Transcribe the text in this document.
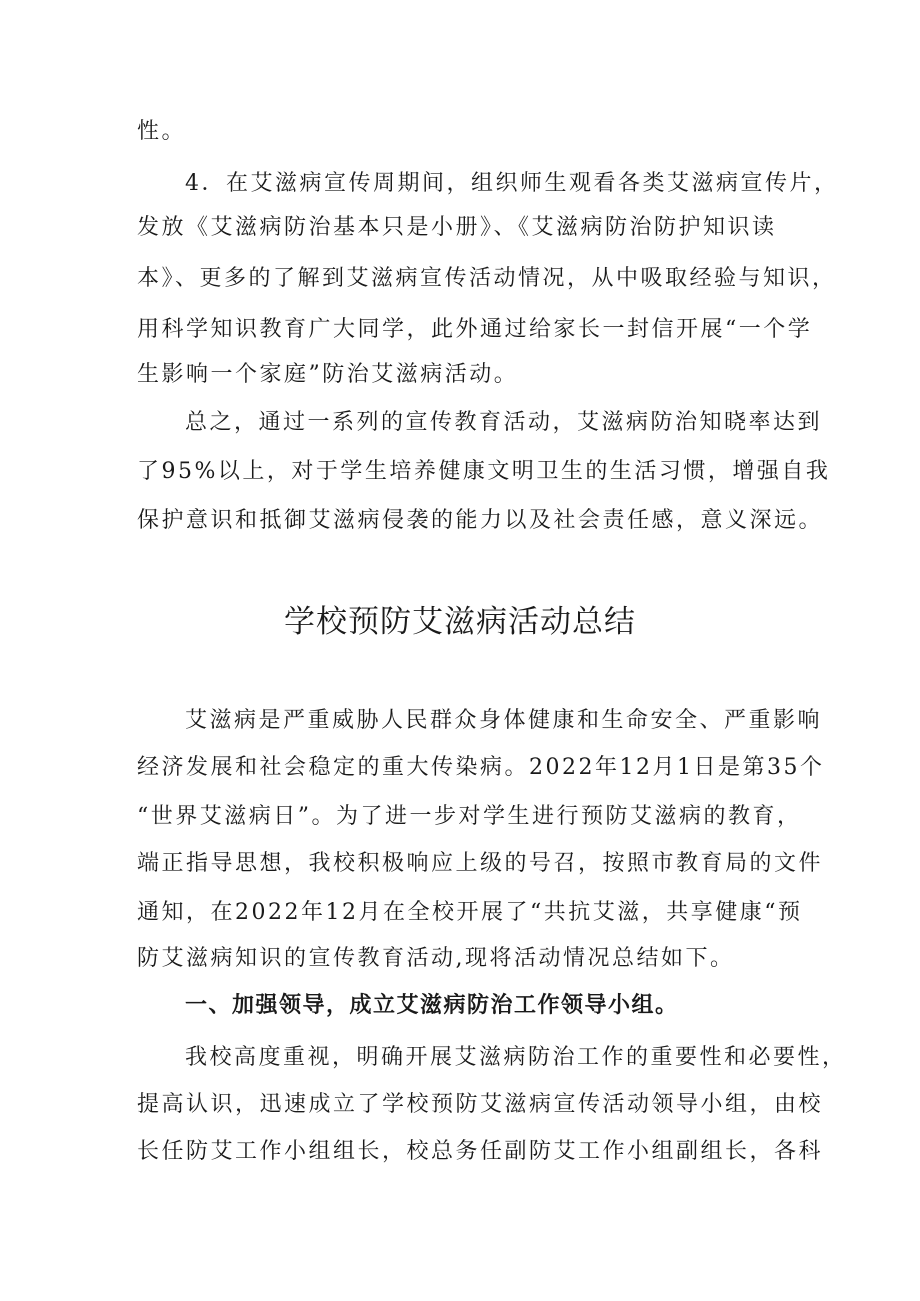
性。

4．在艾滋病宣传周期间，组织师生观看各类艾滋病宣传片，

发放《艾滋病防治基本只是小册》、《艾滋病防治防护知识读

本》、更多的了解到艾滋病宣传活动情况，从中吸取经验与知识，

用科学知识教育广大同学，此外通过给家长一封信开展“一个学

生影响一个家庭”防治艾滋病活动。

总之，通过一系列的宣传教育活动，艾滋病防治知晓率达到

了95%以上，对于学生培养健康文明卫生的生活习惯，增强自我

保护意识和抵御艾滋病侵袭的能力以及社会责任感，意义深远。

学校预防艾滋病活动总结

艾滋病是严重威胁人民群众身体健康和生命安全、严重影响

经济发展和社会稳定的重大传染病。2022年12月1日是第35个

“世界艾滋病日”。为了进一步对学生进行预防艾滋病的教育，

端正指导思想，我校积极响应上级的号召，按照市教育局的文件

通知，在2022年12月在全校开展了“共抗艾滋，共享健康“预

防艾滋病知识的宣传教育活动,现将活动情况总结如下。

一、加强领导，成立艾滋病防治工作领导小组。

我校高度重视，明确开展艾滋病防治工作的重要性和必要性，

提高认识，迅速成立了学校预防艾滋病宣传活动领导小组，由校

长任防艾工作小组组长，校总务任副防艾工作小组副组长，各科
